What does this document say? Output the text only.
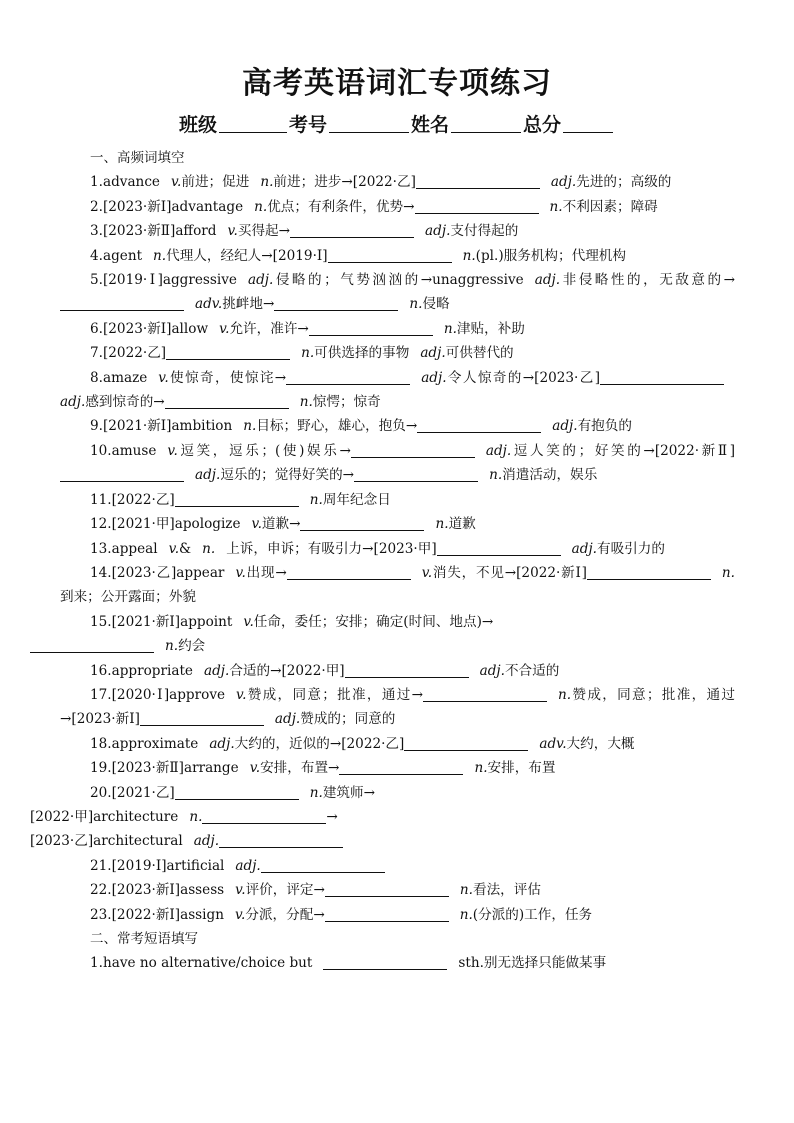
高考英语词汇专项练习
班级	考号	姓名	总分

一、高频词填空

1.advance v.前进；促进 n.前进；进步→[2022·乙]	adj.先进的；高级的

2.[2023·新Ⅰ]advantage n.优点；有利条件，优势→	n.不利因素；障碍

3.[2023·新Ⅱ]afford v.买得起→	adj.支付得起的

4.agent n.代理人，经纪人→[2019·Ⅰ]	n.(pl.)服务机构；代理机构

5.[2019·Ⅰ]aggressive adj.侵略的；气势汹汹的→unaggressive adj.非侵略性的，无敌意的→adv.挑衅地→	n.侵略

6.[2023·新Ⅰ]allow v.允许，准许→	n.津贴，补助

7.[2022·乙]	n.可供选择的事物 adj.可供替代的

8.amaze v.使惊奇，使惊诧→	adj.令人惊奇的→[2023·乙]adj.感到惊奇的→	n.惊愕；惊奇

9.[2021·新Ⅰ]ambition n.目标；野心，雄心，抱负→	adj.有抱负的

10.amuse v.逗笑，逗乐；(使)娱乐→	adj.逗人笑的；好笑的→[2022·新Ⅱ]adj.逗乐的；觉得好笑的→	n.消遣活动，娱乐

11.[2022·乙]	n.周年纪念日

12.[2021·甲]apologize v.道歉→	n.道歉

13.appeal v.& n. 上诉，申诉；有吸引力→[2023·甲]	adj.有吸引力的

14.[2023·乙]appear v.出现→	v.消失，不见→[2022·新Ⅰ]	n.到来；公开露面；外貌

15.[2021·新Ⅰ]appoint v.任命，委任；安排；确定(时间、地点)→
n.约会

16.appropriate adj.合适的→[2022·甲]	adj.不合适的

17.[2020·Ⅰ]approve v.赞成，同意；批准，通过→	n.赞成，同意；批准，通过→[2023·新Ⅰ]	adj.赞成的；同意的

18.approximate adj.大约的，近似的→[2022·乙]	adv.大约，大概

19.[2023·新Ⅱ]arrange v.安排，布置→	n.安排，布置

20.[2021·乙]	n.建筑师→
[2022·甲]architecture n.	→
[2023·乙]architectural adj.

21.[2019·Ⅰ]artificial adj.

22.[2023·新Ⅰ]assess v.评价，评定→	n.看法，评估

23.[2022·新Ⅰ]assign v.分派，分配→	n.(分派的)工作，任务

二、常考短语填写

1.have no alternative/choice but	sth.别无选择只能做某事
